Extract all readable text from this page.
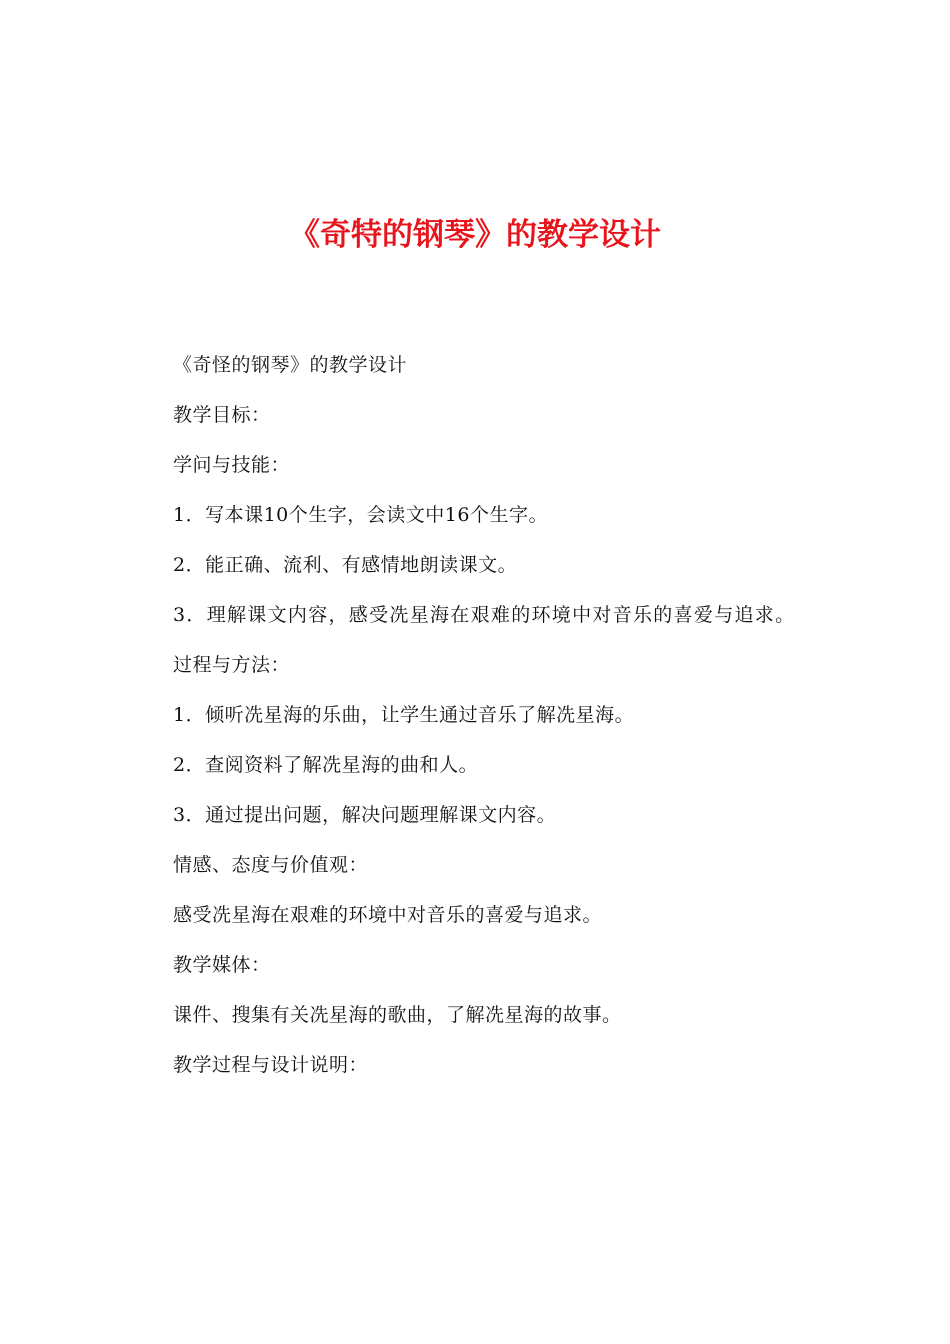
《奇特的钢琴》的教学设计

《奇怪的钢琴》的教学设计

教学目标：

学问与技能：

1．写本课10个生字，会读文中16个生字。

2．能正确、流利、有感情地朗读课文。

3．理解课文内容，感受冼星海在艰难的环境中对音乐的喜爱与追求。

过程与方法：

1．倾听冼星海的乐曲，让学生通过音乐了解冼星海。

2．查阅资料了解冼星海的曲和人。

3．通过提出问题，解决问题理解课文内容。

情感、态度与价值观：

感受冼星海在艰难的环境中对音乐的喜爱与追求。

教学媒体：

课件、搜集有关冼星海的歌曲，了解冼星海的故事。

教学过程与设计说明：
